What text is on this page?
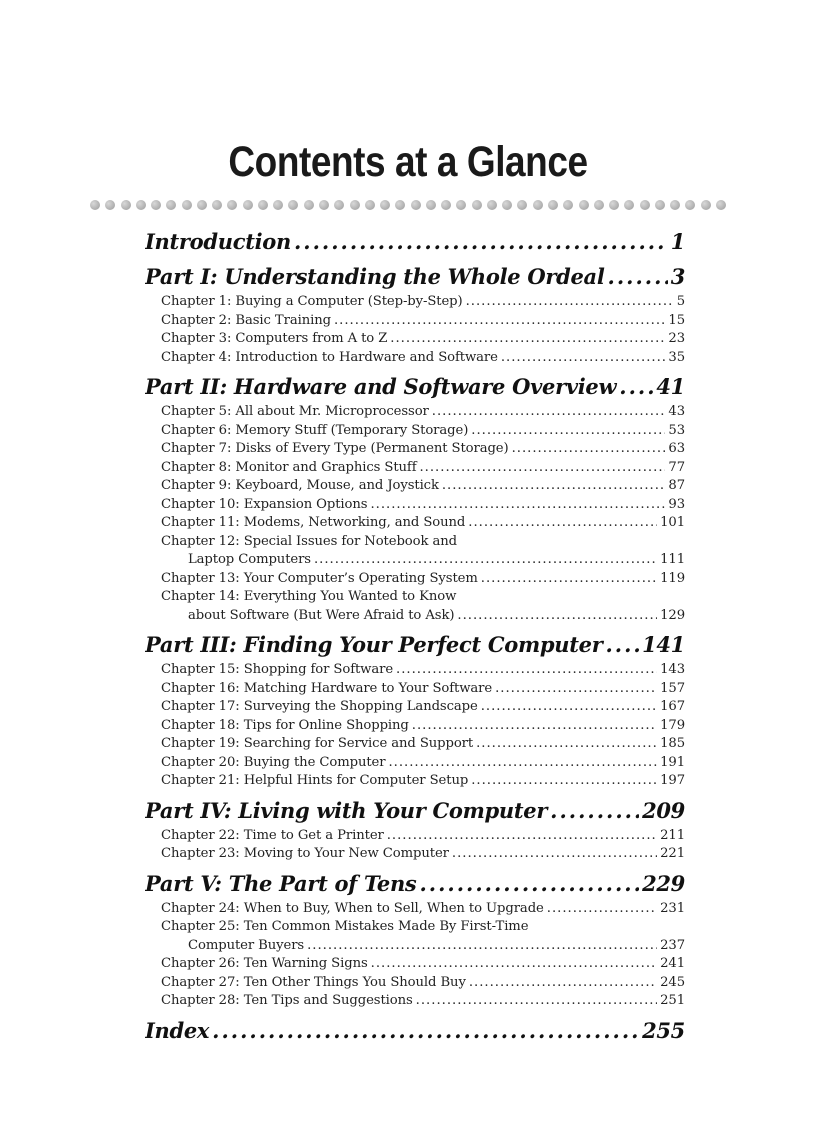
Contents at a Glance
Introduction .....	1
Part I: Understanding the Whole Ordeal .....	3
Chapter 1: Buying a Computer (Step-by-Step) .....	5
Chapter 2: Basic Training .....	15
Chapter 3: Computers from A to Z .....	23
Chapter 4: Introduction to Hardware and Software .....	35
Part II: Hardware and Software Overview ..... 41
Chapter 5: All about Mr. Microprocessor .....	43
Chapter 6: Memory Stuff (Temporary Storage) .....	53
Chapter 7: Disks of Every Type (Permanent Storage) .....	63
Chapter 8: Monitor and Graphics Stuff .....	77
Chapter 9: Keyboard, Mouse, and Joystick .....	87
Chapter 10: Expansion Options .....	93
Chapter 11: Modems, Networking, and Sound .....	101
Chapter 12: Special Issues for Notebook and
Laptop Computers .....	111
Chapter 13: Your Computer’s Operating System .....	119
Chapter 14: Everything You Wanted to Know
about Software (But Were Afraid to Ask) .....	129
Part III: Finding Your Perfect Computer ..... 141
Chapter 15: Shopping for Software .....	143
Chapter 16: Matching Hardware to Your Software .....	157
Chapter 17: Surveying the Shopping Landscape .....	167
Chapter 18: Tips for Online Shopping .....	179
Chapter 19: Searching for Service and Support .....	185
Chapter 20: Buying the Computer .....	191
Chapter 21: Helpful Hints for Computer Setup .....	197
Part IV: Living with Your Computer .....	209
Chapter 22: Time to Get a Printer .....	211
Chapter 23: Moving to Your New Computer .....	221
Part V: The Part of Tens .....	229
Chapter 24: When to Buy, When to Sell, When to Upgrade .....	231
Chapter 25: Ten Common Mistakes Made By First-Time
Computer Buyers .....	237
Chapter 26: Ten Warning Signs .....	241
Chapter 27: Ten Other Things You Should Buy .....	245
Chapter 28: Ten Tips and Suggestions .....	251
Index .....	255
